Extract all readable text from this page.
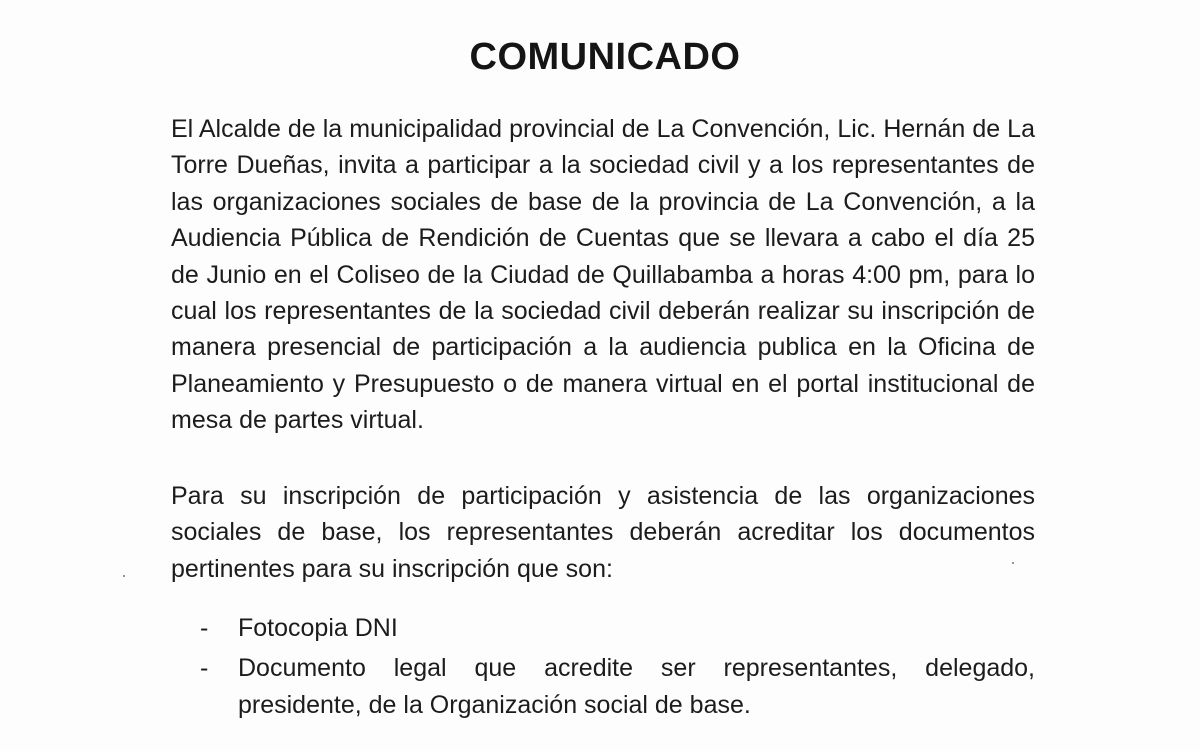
COMUNICADO
El Alcalde de la municipalidad provincial de La Convención, Lic. Hernán de La Torre Dueñas, invita a participar a la sociedad civil y a los representantes de las organizaciones sociales de base de la provincia de La Convención, a la Audiencia Pública de Rendición de Cuentas que se llevara a cabo el día 25 de Junio en el Coliseo de la Ciudad de Quillabamba a horas 4:00 pm, para lo cual los representantes de la sociedad civil deberán realizar su inscripción de manera presencial de participación a la audiencia publica en la Oficina de Planeamiento y Presupuesto o de manera virtual en el portal institucional de mesa de partes virtual.
Para su inscripción de participación y asistencia de las organizaciones sociales de base, los representantes deberán acreditar los documentos pertinentes para su inscripción que son:
- Fotocopia DNI
- Documento legal que acredite ser representantes, delegado, presidente, de la Organización social de base.
